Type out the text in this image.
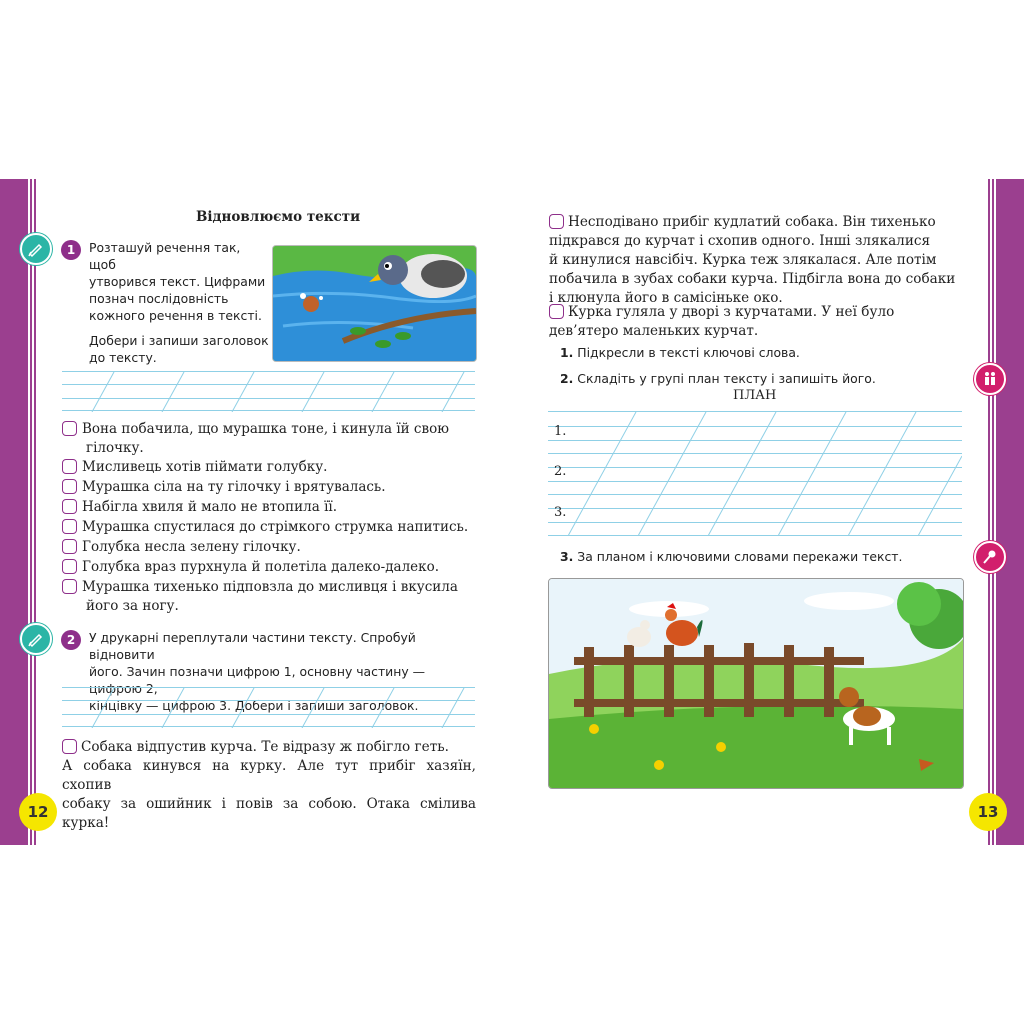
12	13
Відновлюємо тексти
1	Розташуй речення так, щоб
утворився текст. Цифрами
познач послідовність
кожного речення в тексті.
Добери і запиши заголовок
до тексту.
Вона побачила, що мурашка тоне, і кинула їй свою
гілочку.
Мисливець хотів піймати голубку.
Мурашка сіла на ту гілочку і врятувалась.
Набігла хвиля й мало не втопила її.
Мурашка спустилася до стрімкого струмка напитись.
Голубка несла зелену гілочку.
Голубка враз пурхнула й полетіла далеко-далеко.
Мурашка тихенько підповзла до мисливця і вкусила
його за ногу.
2	У друкарні переплутали частини тексту. Спробуй відновити
його. Зачин позначи цифрою 1, основну частину — цифрою 2,
кінцівку — цифрою 3. Добери і запиши заголовок.
Собака відпустив курча. Те відразу ж побігло геть.
А собака кинувся на курку. Але тут прибіг хазяїн, схопив
собаку за ошийник і повів за собою. Отака смілива курка!
Несподівано прибіг кудлатий собака. Він тихенько
підкрався до курчат і схопив одного. Інші злякалися
й кинулися навсібіч. Курка теж злякалася. Але потім
побачила в зубах собаки курча. Підбігла вона до собаки
і клюнула його в самісіньке око.
Курка гуляла у дворі з курчатами. У неї було
дев’ятеро маленьких курчат.
1. Підкресли в тексті ключові слова.
2. Складіть у групі план тексту і запишіть його.
ПЛАН
1.
2.
3.
3. За планом і ключовими словами перекажи текст.
